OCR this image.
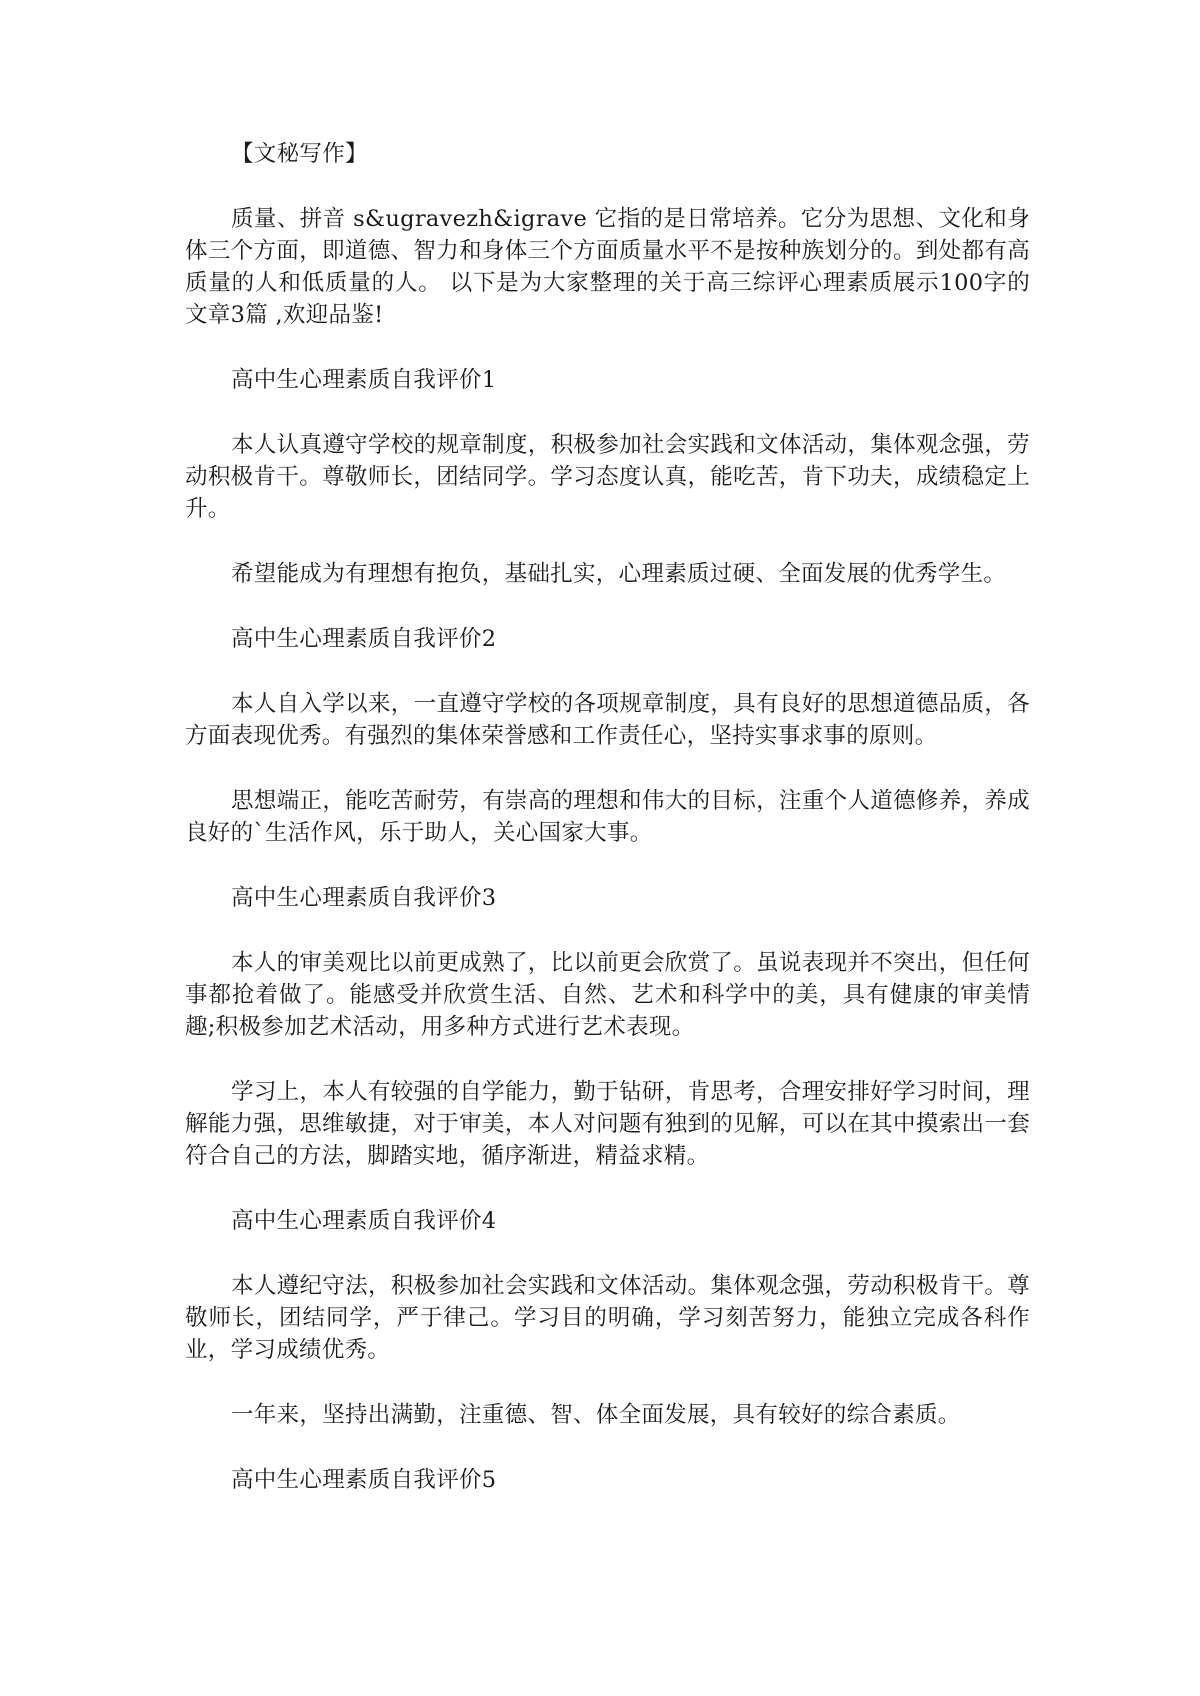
【文秘写作】
质量、拼音 s&ugravezh&igrave 它指的是日常培养。它分为思想、文化和身体三个方面，即道德、智力和身体三个方面质量水平不是按种族划分的。到处都有高质量的人和低质量的人。 以下是为大家整理的关于高三综评心理素质展示100字的文章3篇 ,欢迎品鉴!
高中生心理素质自我评价1
本人认真遵守学校的规章制度，积极参加社会实践和文体活动，集体观念强，劳动积极肯干。尊敬师长，团结同学。学习态度认真，能吃苦，肯下功夫，成绩稳定上升。
希望能成为有理想有抱负，基础扎实，心理素质过硬、全面发展的优秀学生。
高中生心理素质自我评价2
本人自入学以来，一直遵守学校的各项规章制度，具有良好的思想道德品质，各方面表现优秀。有强烈的集体荣誉感和工作责任心，坚持实事求事的原则。
思想端正，能吃苦耐劳，有崇高的理想和伟大的目标，注重个人道德修养，养成良好的`生活作风，乐于助人，关心国家大事。
高中生心理素质自我评价3
本人的审美观比以前更成熟了，比以前更会欣赏了。虽说表现并不突出，但任何事都抢着做了。能感受并欣赏生活、自然、艺术和科学中的美，具有健康的审美情趣;积极参加艺术活动，用多种方式进行艺术表现。
学习上，本人有较强的自学能力，勤于钻研，肯思考，合理安排好学习时间，理解能力强，思维敏捷，对于审美，本人对问题有独到的见解，可以在其中摸索出一套符合自己的方法，脚踏实地，循序渐进，精益求精。
高中生心理素质自我评价4
本人遵纪守法，积极参加社会实践和文体活动。集体观念强，劳动积极肯干。尊敬师长，团结同学，严于律己。学习目的明确，学习刻苦努力，能独立完成各科作业，学习成绩优秀。
一年来，坚持出满勤，注重德、智、体全面发展，具有较好的综合素质。
高中生心理素质自我评价5
